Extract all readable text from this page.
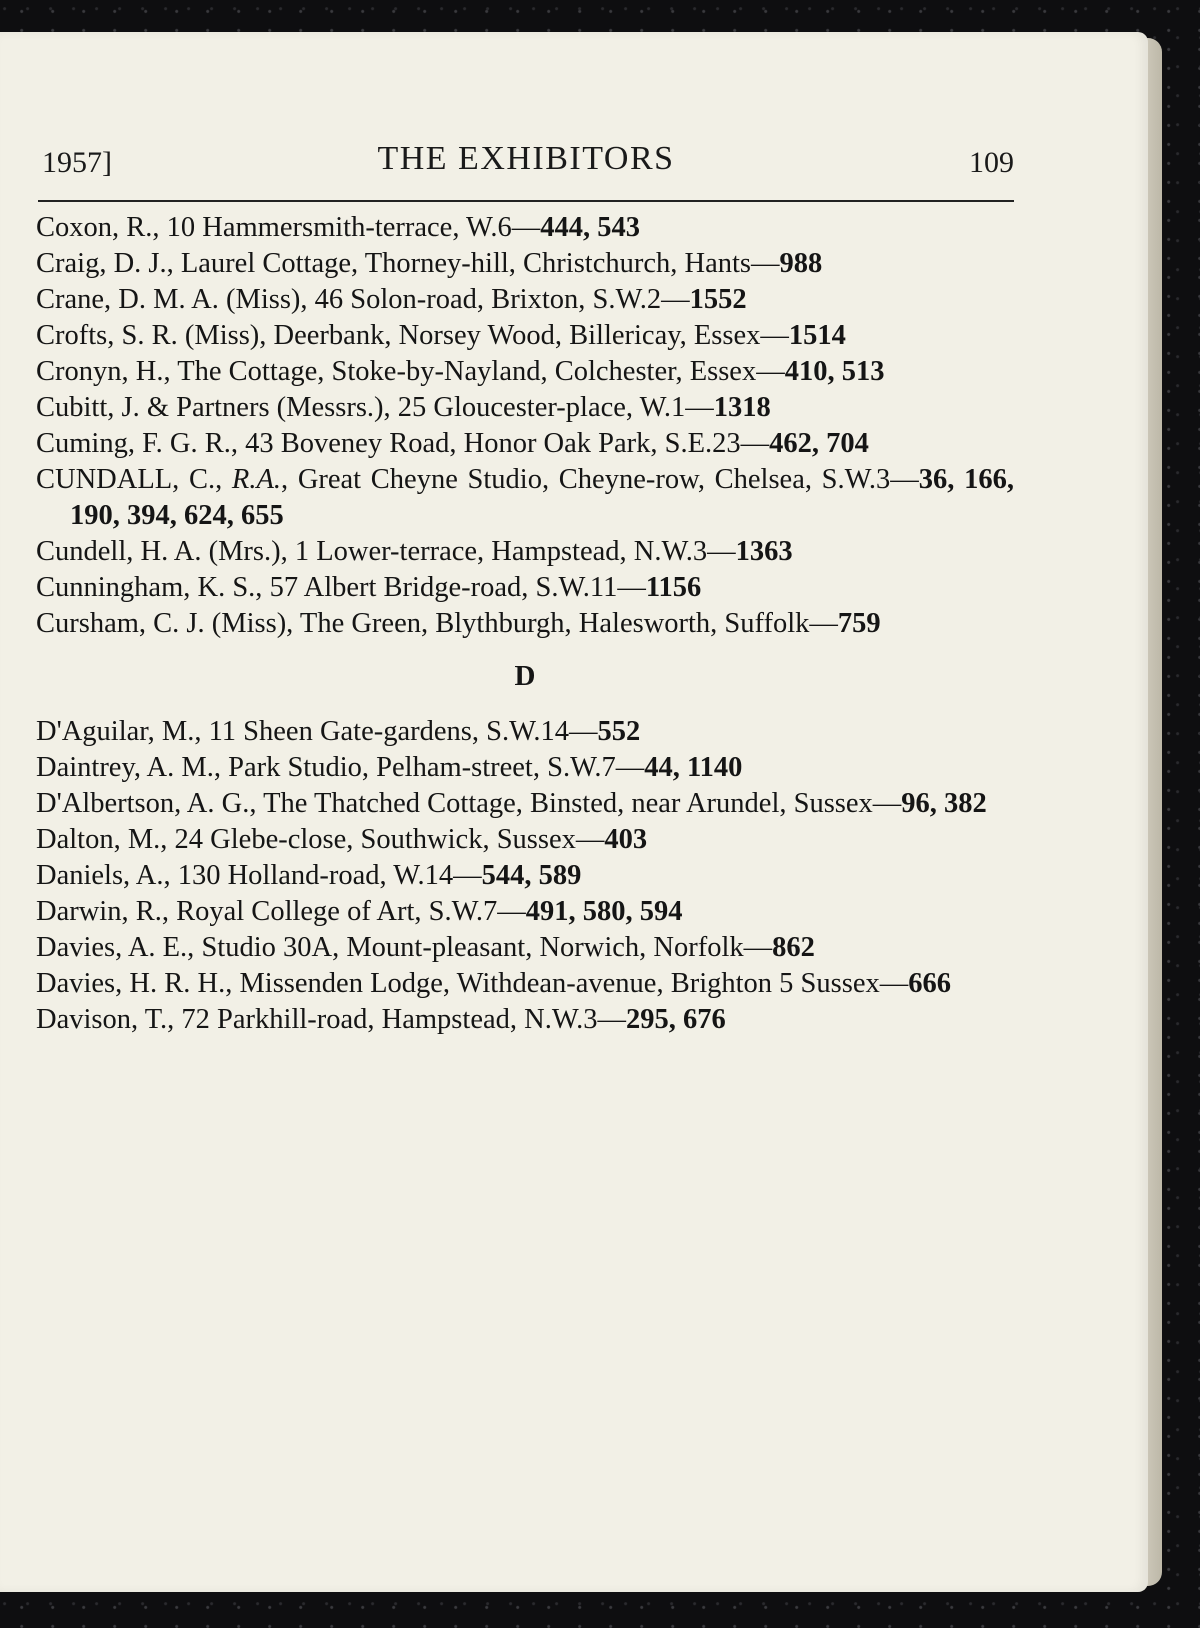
1957]	THE EXHIBITORS	109

Coxon, R., 10 Hammersmith-terrace, W.6—444, 543

Craig, D. J., Laurel Cottage, Thorney-hill, Christchurch, Hants—988

Crane, D. M. A. (Miss), 46 Solon-road, Brixton, S.W.2—1552

Crofts, S. R. (Miss), Deerbank, Norsey Wood, Billericay, Essex—1514

Cronyn, H., The Cottage, Stoke-by-Nayland, Colchester, Essex—410, 513

Cubitt, J. & Partners (Messrs.), 25 Gloucester-place, W.1—1318

Cuming, F. G. R., 43 Boveney Road, Honor Oak Park, S.E.23—462, 704

CUNDALL, C., R.A., Great Cheyne Studio, Cheyne-row, Chelsea, S.W.3—36, 166, 190, 394, 624, 655

Cundell, H. A. (Mrs.), 1 Lower-terrace, Hampstead, N.W.3—1363

Cunningham, K. S., 57 Albert Bridge-road, S.W.11—1156

Cursham, C. J. (Miss), The Green, Blythburgh, Halesworth, Suffolk—759

D

D'Aguilar, M., 11 Sheen Gate-gardens, S.W.14—552

Daintrey, A. M., Park Studio, Pelham-street, S.W.7—44, 1140

D'Albertson, A. G., The Thatched Cottage, Binsted, near Arundel, Sussex—96, 382

Dalton, M., 24 Glebe-close, Southwick, Sussex—403

Daniels, A., 130 Holland-road, W.14—544, 589

Darwin, R., Royal College of Art, S.W.7—491, 580, 594

Davies, A. E., Studio 30A, Mount-pleasant, Norwich, Norfolk—862

Davies, H. R. H., Missenden Lodge, Withdean-avenue, Brighton 5 Sussex—666

Davison, T., 72 Parkhill-road, Hampstead, N.W.3—295, 676
